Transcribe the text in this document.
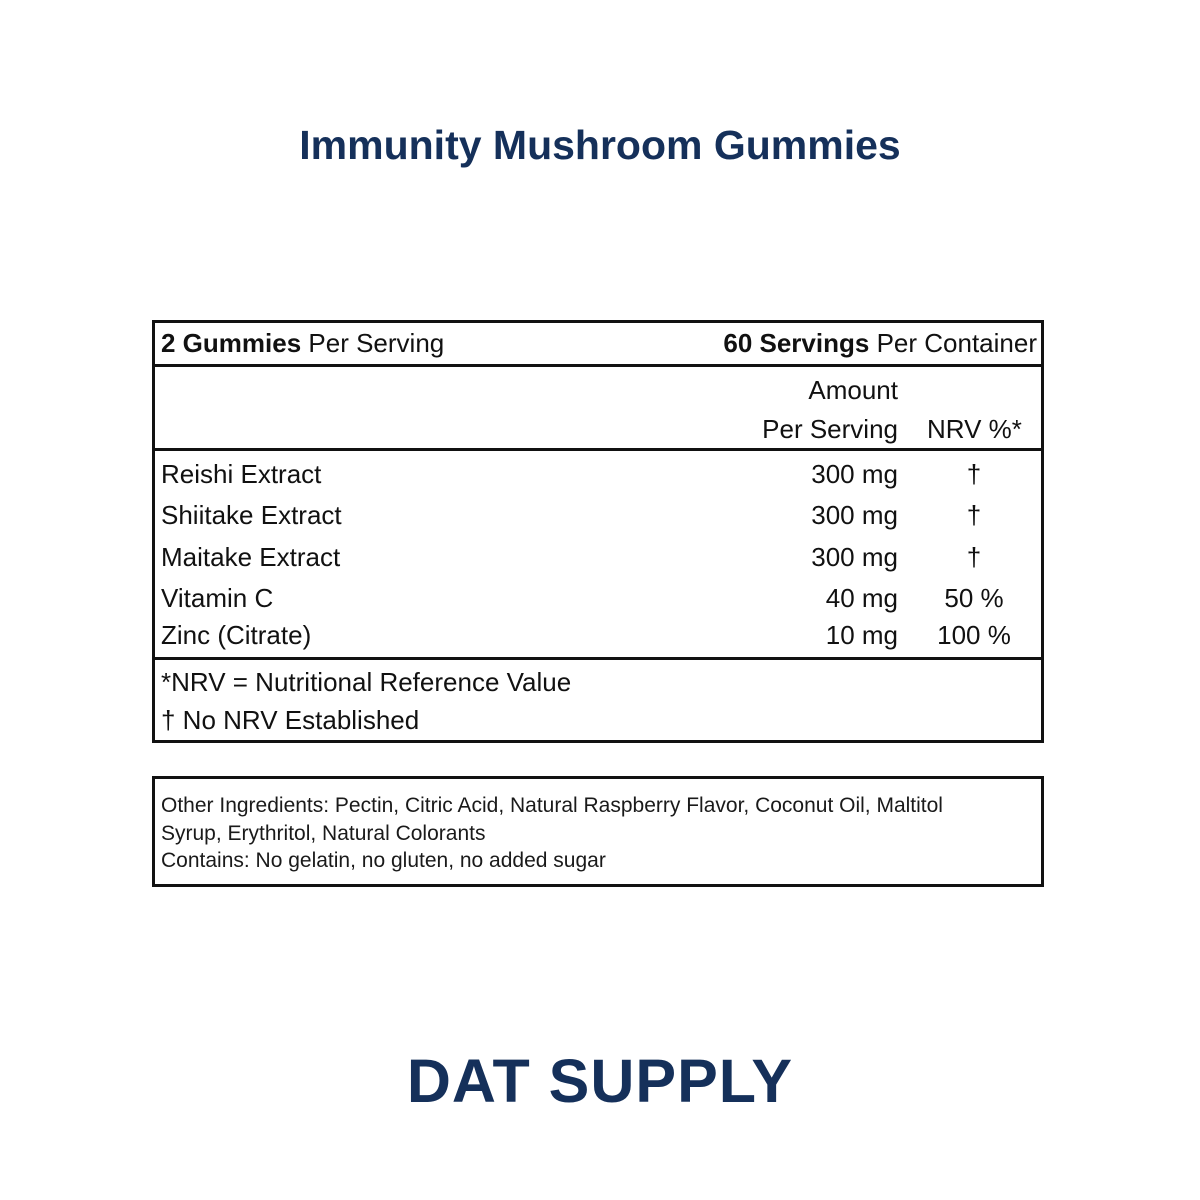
Immunity Mushroom Gummies
2 Gummies Per Serving	60 Servings Per Container
Amount
Per Serving NRV %*
Reishi Extract	300 mg	†
Shiitake Extract	300 mg	†
Maitake Extract	300 mg	†
Vitamin C	40 mg	50 %
Zinc (Citrate)	10 mg	100 %
*NRV = Nutritional Reference Value
† No NRV Established
Other Ingredients: Pectin, Citric Acid, Natural Raspberry Flavor, Coconut Oil, Maltitol
Syrup, Erythritol, Natural Colorants
Contains: No gelatin, no gluten, no added sugar
DAT SUPPLY
